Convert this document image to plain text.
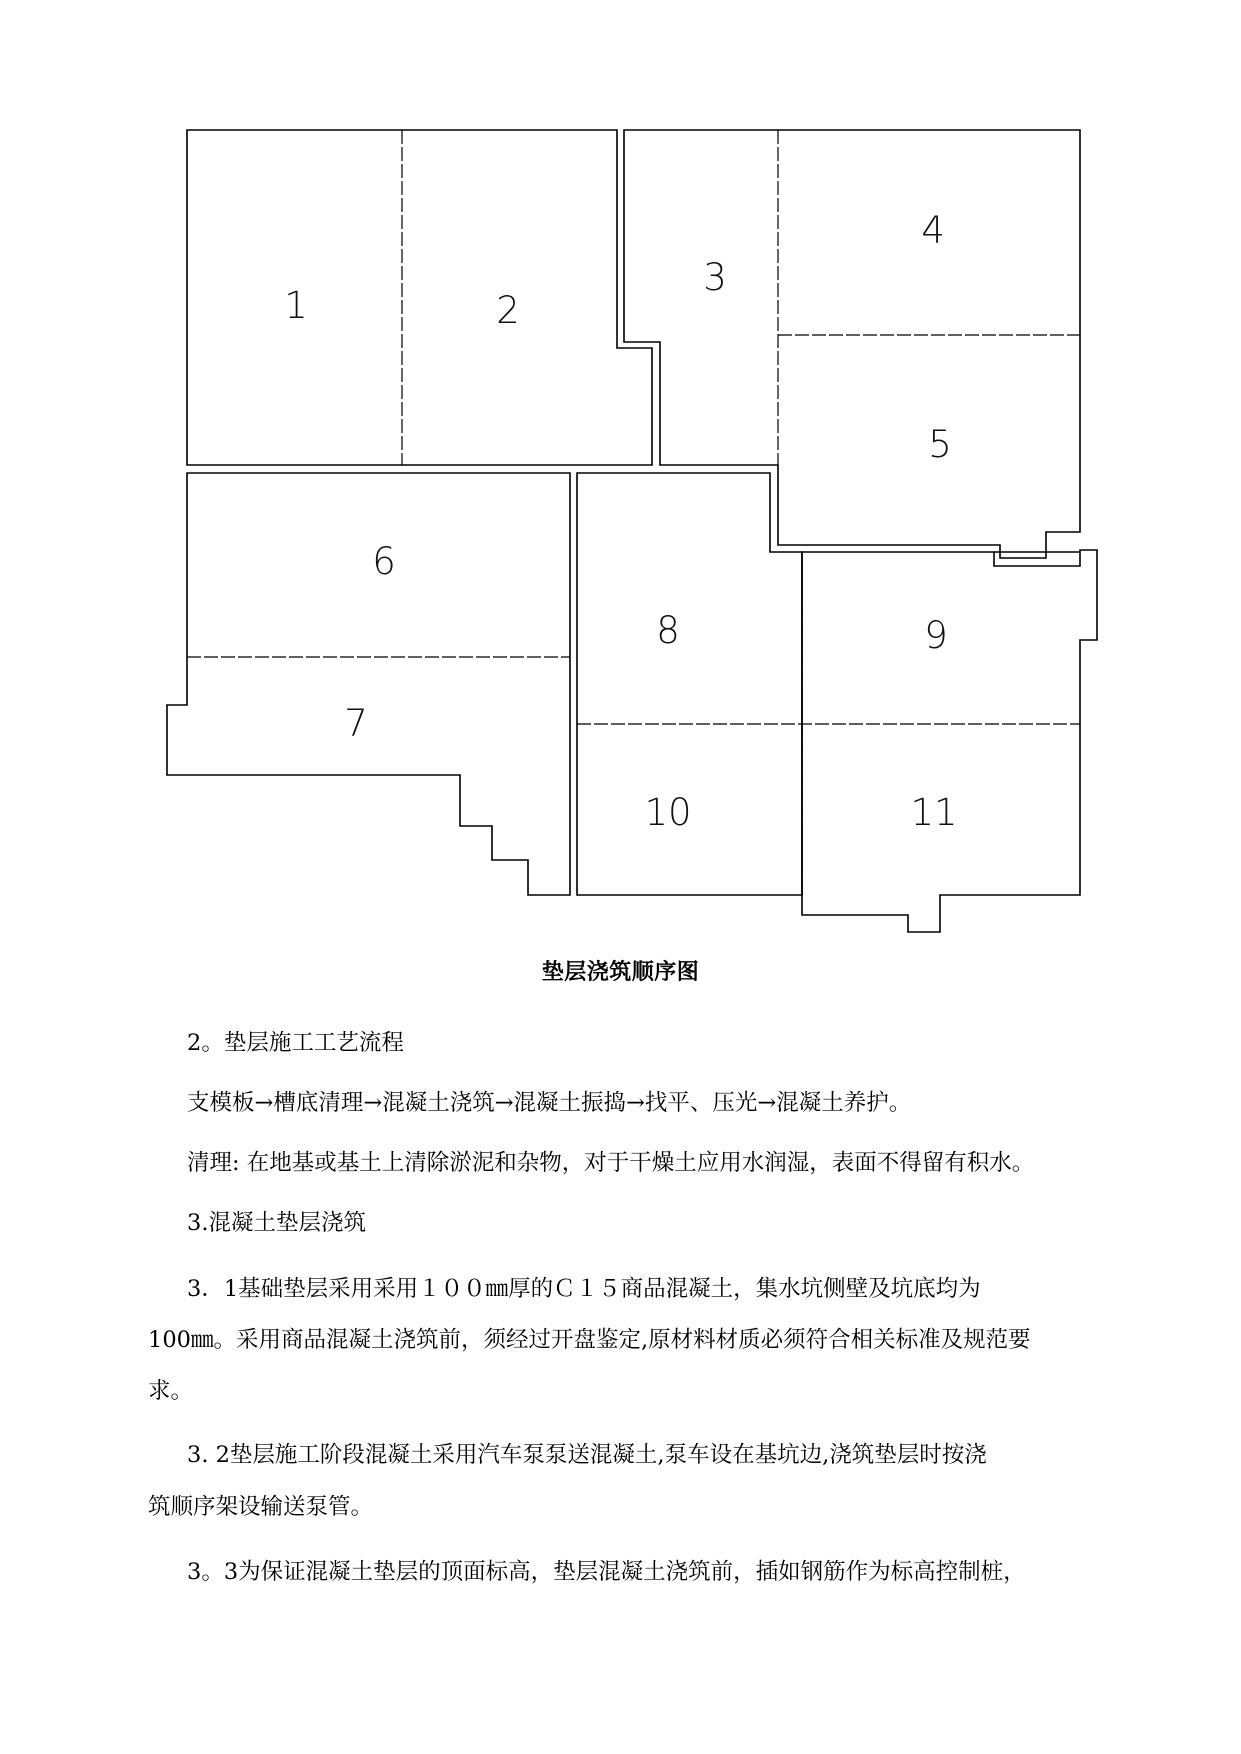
1	2
3
4
5
6
7
8	9
10	11
垫层浇筑顺序图

2。垫层施工工艺流程

支模板→槽底清理→混凝土浇筑→混凝土振捣→找平、压光→混凝土养护。

清理: 在地基或基土上清除淤泥和杂物，对于干燥土应用水润湿，表面不得留有积水。

3.混凝土垫层浇筑

3．1基础垫层采用采用１００㎜厚的Ｃ１５商品混凝土，集水坑侧壁及坑底均为

100㎜。采用商品混凝土浇筑前，须经过开盘鉴定,原材料材质必须符合相关标准及规范要

求。

3. 2垫层施工阶段混凝土采用汽车泵泵送混凝土,泵车设在基坑边,浇筑垫层时按浇

筑顺序架设输送泵管。

3。3为保证混凝土垫层的顶面标高，垫层混凝土浇筑前，插如钢筋作为标高控制桩，
